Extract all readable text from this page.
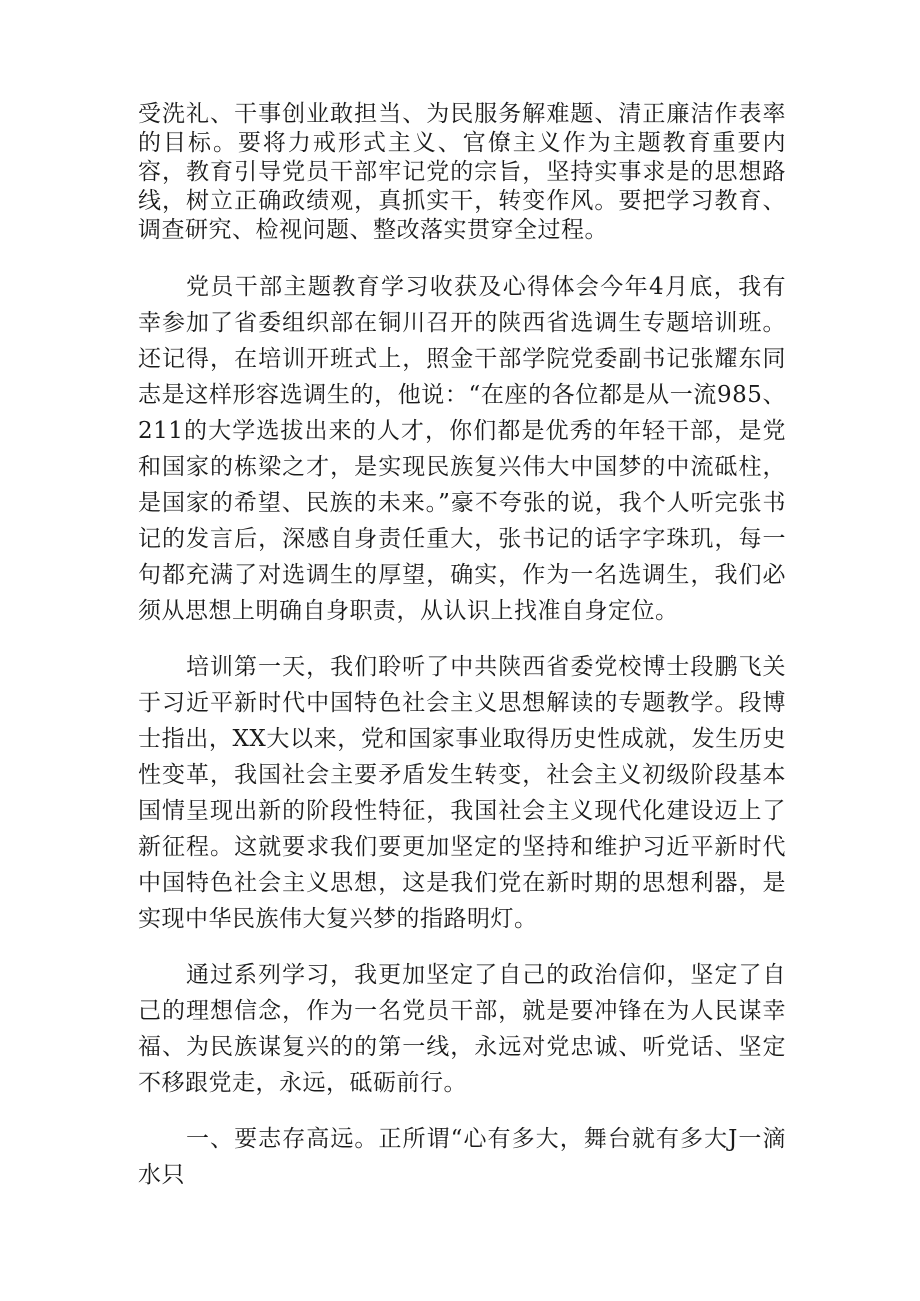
受洗礼、干事创业敢担当、为民服务解难题、清正廉洁作表率的目标。要将力戒形式主义、官僚主义作为主题教育重要内容，教育引导党员干部牢记党的宗旨，坚持实事求是的思想路线，树立正确政绩观，真抓实干，转变作风。要把学习教育、调查研究、检视问题、整改落实贯穿全过程。

党员干部主题教育学习收获及心得体会今年4月底，我有幸参加了省委组织部在铜川召开的陕西省选调生专题培训班。还记得，在培训开班式上，照金干部学院党委副书记张耀东同志是这样形容选调生的，他说：“在座的各位都是从一流985、211的大学选拔出来的人才，你们都是优秀的年轻干部，是党和国家的栋梁之才，是实现民族复兴伟大中国梦的中流砥柱，是国家的希望、民族的未来。”豪不夸张的说，我个人听完张书记的发言后，深感自身责任重大，张书记的话字字珠玑，每一句都充满了对选调生的厚望，确实，作为一名选调生，我们必须从思想上明确自身职责，从认识上找准自身定位。

培训第一天，我们聆听了中共陕西省委党校博士段鹏飞关于习近平新时代中国特色社会主义思想解读的专题教学。段博士指出，XX大以来，党和国家事业取得历史性成就，发生历史性变革，我国社会主要矛盾发生转变，社会主义初级阶段基本国情呈现出新的阶段性特征，我国社会主义现代化建设迈上了新征程。这就要求我们要更加坚定的坚持和维护习近平新时代中国特色社会主义思想，这是我们党在新时期的思想利器，是实现中华民族伟大复兴梦的指路明灯。

通过系列学习，我更加坚定了自己的政治信仰，坚定了自己的理想信念，作为一名党员干部，就是要冲锋在为人民谋幸福、为民族谋复兴的的第一线，永远对党忠诚、听党话、坚定不移跟党走，永远，砥砺前行。

一、要志存高远。正所谓“心有多大，舞台就有多大J一滴水只
